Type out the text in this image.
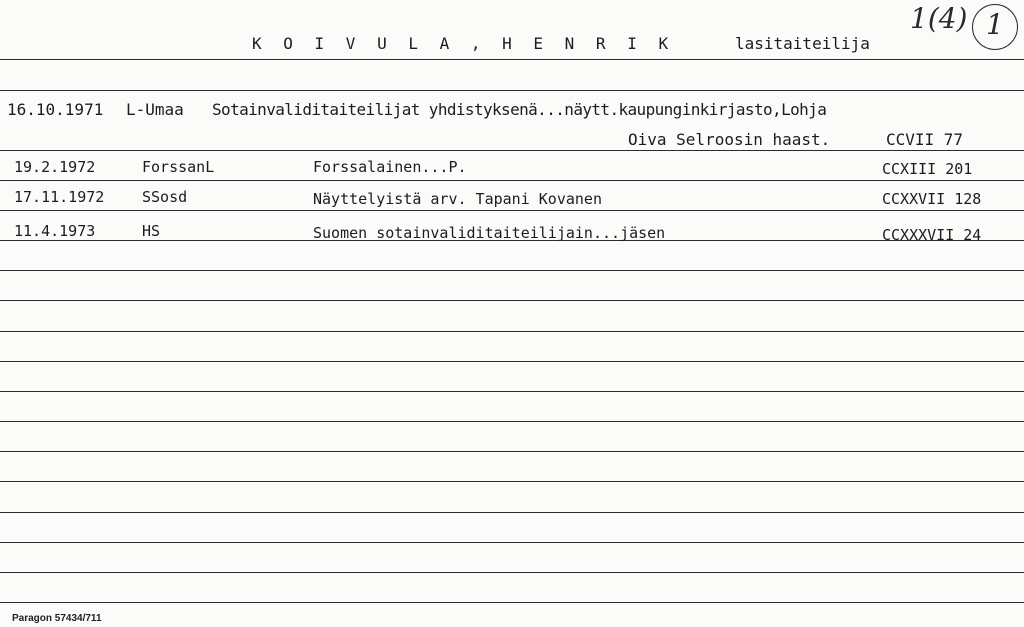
K O I V U L A , H E N R I K	lasitaiteilija
1(4) 1
16.10.1971 L-Umaa Sotainvaliditaiteilijat yhdistyksenä...näytt.kaupunginkirjasto,Lohja
Oiva Selroosin haast.	CCVII 77
19.2.1972	ForssanL	Forssalainen...P.	CCXIII 201
17.11.1972	SSosd	Näyttelyistä arv. Tapani Kovanen	CCXXVII 128
11.4.1973	HS	Suomen sotainvaliditaiteilijain...jäsen	CCXXXVII 24
Paragon 57434/711
